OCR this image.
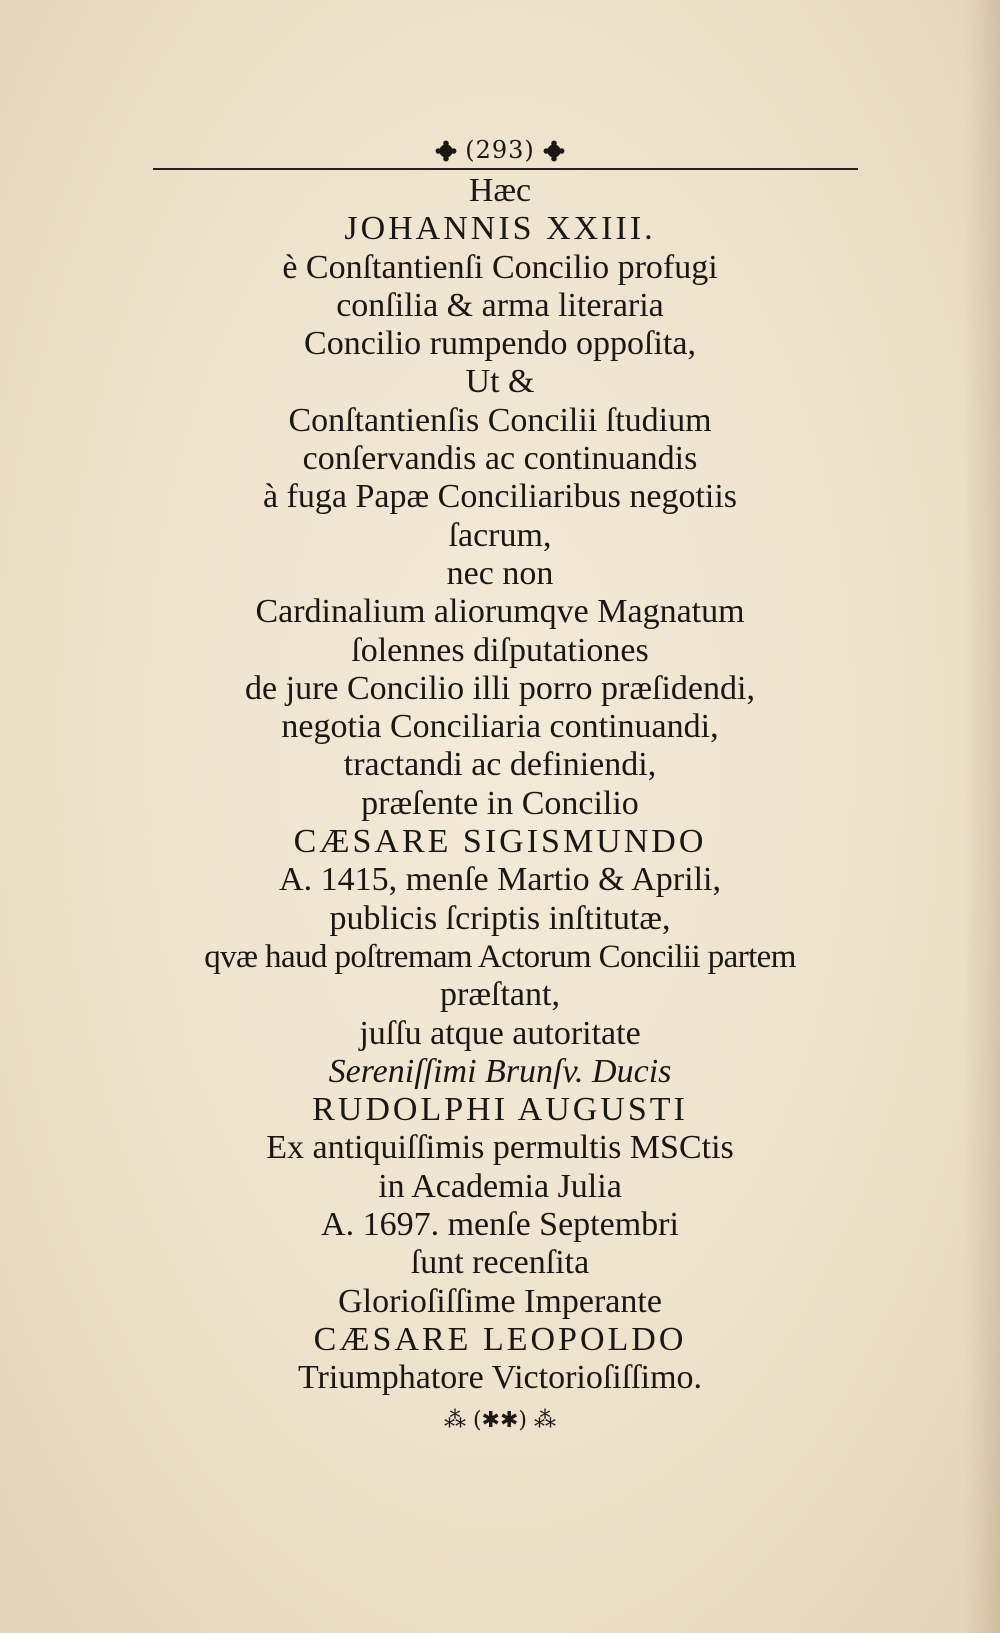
(293)
Hæc
JOHANNIS XXIII.
è Conſtantienſi Concilio profugi
conſilia & arma literaria
Concilio rumpendo oppoſita,
Ut &
Conſtantienſis Concilii ſtudium
conſervandis ac continuandis
à fuga Papæ Conciliaribus negotiis
ſacrum,
nec non
Cardinalium aliorumqve Magnatum
ſolennes diſputationes
de jure Concilio illi porro præſidendi,
negotia Conciliaria continuandi,
tractandi ac definiendi,
præſente in Concilio
CÆSARE SIGISMUNDO
A. 1415, menſe Martio & Aprili,
publicis ſcriptis inſtitutæ,
qvæ haud poſtremam Actorum Concilii partem
præſtant,
juſſu atque autoritate
Sereniſſimi Brunſv. Ducis
RUDOLPHI AUGUSTI
Ex antiquiſſimis permultis MSCtis
in Academia Julia
A. 1697. menſe Septembri
ſunt recenſita
Glorioſiſſime Imperante
CÆSARE LEOPOLDO
Triumphatore Victorioſiſſimo.
⁂ (✱✱) ⁂
